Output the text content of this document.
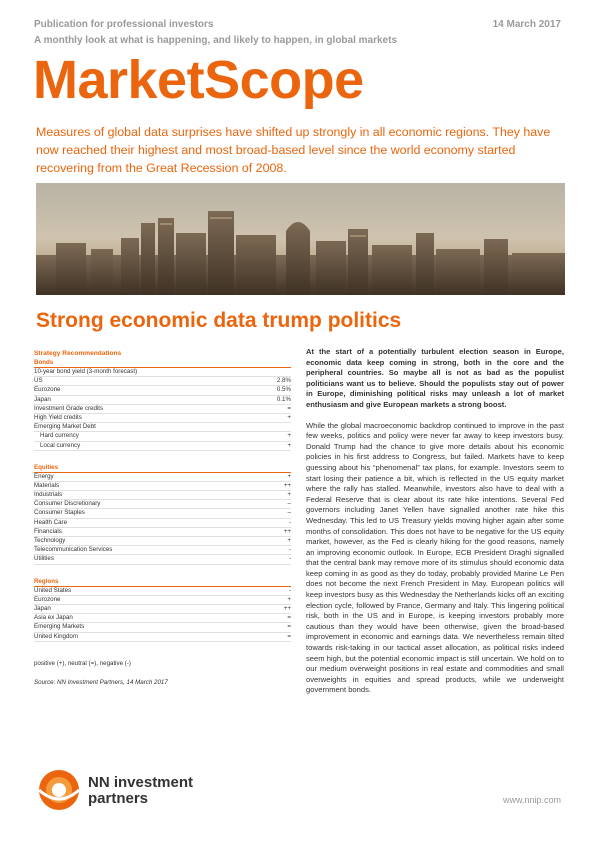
Publication for professional investors	14 March 2017
A monthly look at what is happening, and likely to happen, in global markets
MarketScope
Measures of global data surprises have shifted up strongly in all economic regions. They have now reached their highest and most broad-based level since the world economy started recovering from the Great Recession of 2008.
Strong economic data trump politics
Strategy Recommendations
Bonds
10-year bond yield (3-month forecast)
US	2.8%
Eurozone	0.5%
Japan	0.1%
Investment Grade credits	=
High Yield credits	+
Emerging Market Debt
Hard currency	+
Local currency	+
Equities
Energy	+
Materials	++
Industrials	+
Consumer Discretionary	–
Consumer Staples	–
Health Care	-
Financials	++
Technology	+
Telecommunication Services	-
Utilities	-
Regions
United States	-
Eurozone	+
Japan	++
Asia ex Japan	=
Emerging Markets	=
United Kingdom	=
positive (+), neutral (=), negative (-)
Source: NN Investment Partners, 14 March 2017

At the start of a potentially turbulent election season in Europe, economic data keep coming in strong, both in the core and the peripheral countries. So maybe all is not as bad as the populist politicians want us to believe. Should the populists stay out of power in Europe, diminishing political risks may unleash a lot of market enthusiasm and give European markets a strong boost.

While the global macroeconomic backdrop continued to improve in the past few weeks, politics and policy were never far away to keep investors busy. Donald Trump had the chance to give more details about his economic policies in his first address to Congress, but failed. Markets have to keep guessing about his “phenomenal” tax plans, for example. Investors seem to start losing their patience a bit, which is reflected in the US equity market where the rally has stalled. Meanwhile, investors also have to deal with a Federal Reserve that is clear about its rate hike intentions. Several Fed governors including Janet Yellen have signalled another rate hike this Wednesday. This led to US Treasury yields moving higher again after some months of consolidation. This does not have to be negative for the US equity market, however, as the Fed is clearly hiking for the good reasons, namely an improving economic outlook. In Europe, ECB President Draghi signalled that the central bank may remove more of its stimulus should economic data keep coming in as good as they do today, probably provided Marine Le Pen does not become the next French President in May. European politics will keep investors busy as this Wednesday the Netherlands kicks off an exciting election cycle, followed by France, Germany and Italy. This lingering political risk, both in the US and in Europe, is keeping investors probably more cautious than they would have been otherwise, given the broad-based improvement in economic and earnings data. We nevertheless remain tilted towards risk-taking in our tactical asset allocation, as political risks indeed seem high, but the potential economic impact is still uncertain. We hold on to our medium overweight positions in real estate and commodities and small overweights in equities and spread products, while we underweight government bonds.

NN investment
partners	www.nnip.com
